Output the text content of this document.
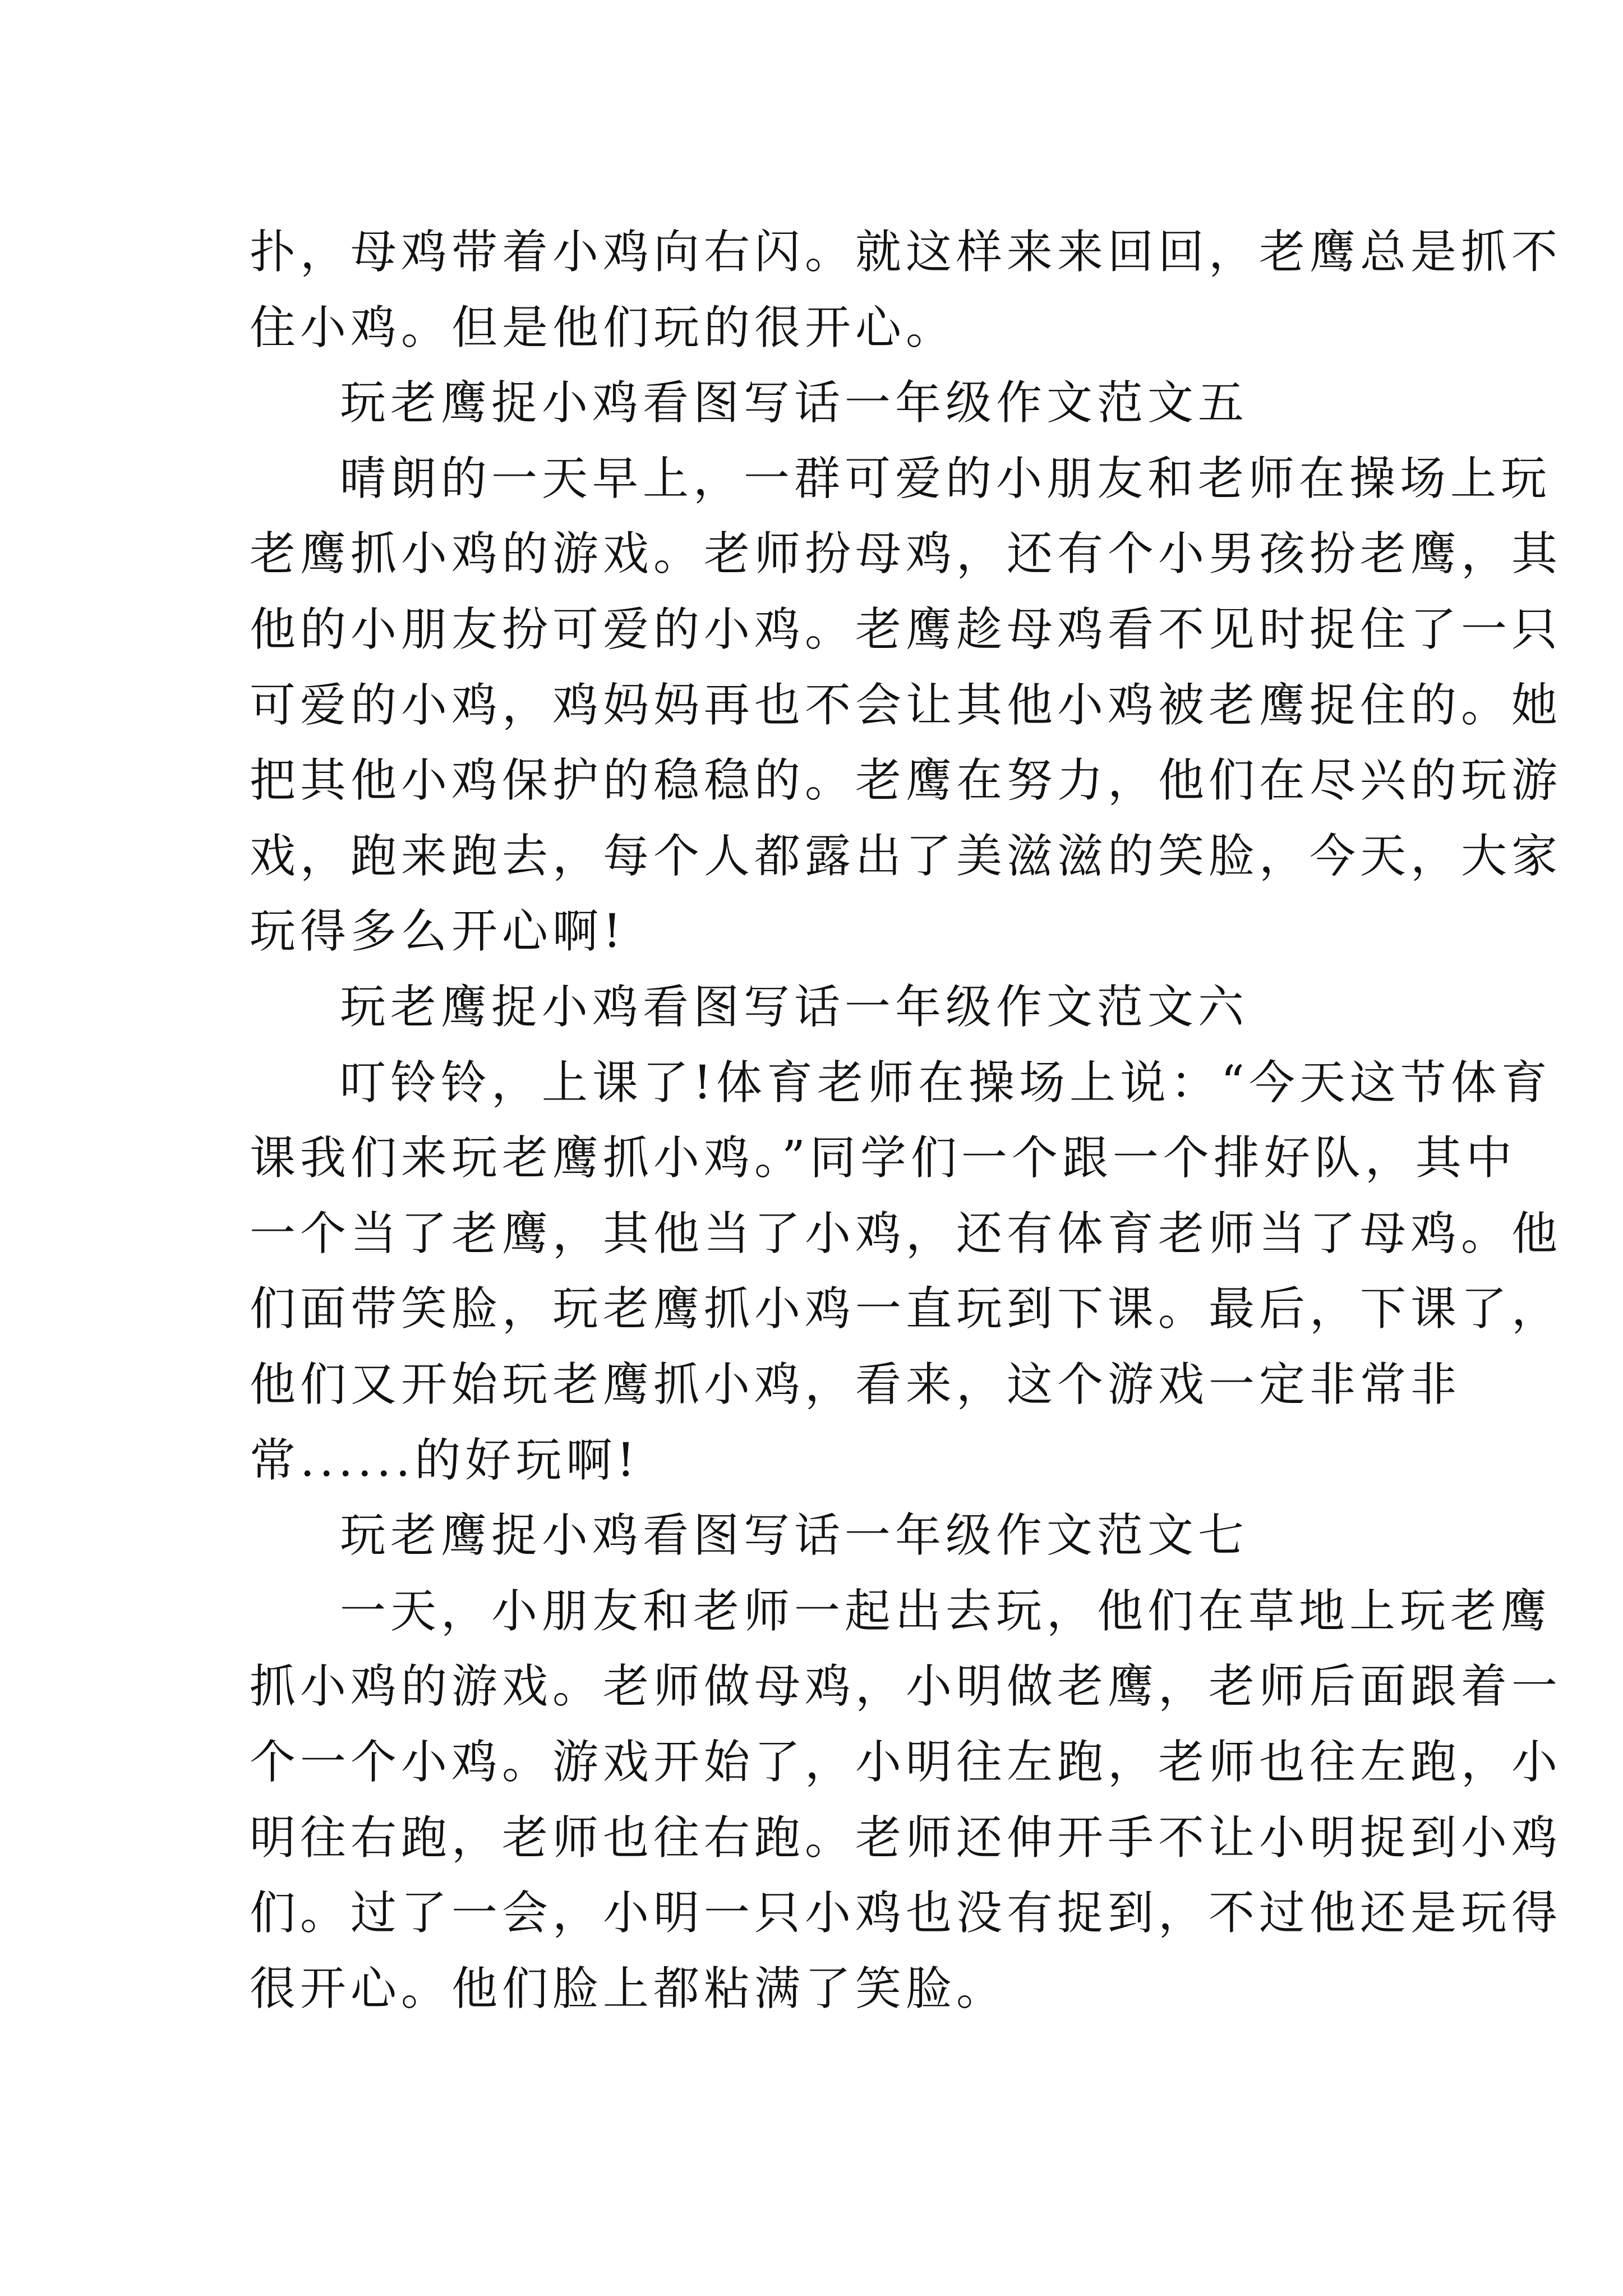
扑，母鸡带着小鸡向右闪。就这样来来回回，老鹰总是抓不
住小鸡。但是他们玩的很开心。
玩老鹰捉小鸡看图写话一年级作文范文五
晴朗的一天早上，一群可爱的小朋友和老师在操场上玩
老鹰抓小鸡的游戏。老师扮母鸡，还有个小男孩扮老鹰，其
他的小朋友扮可爱的小鸡。老鹰趁母鸡看不见时捉住了一只
可爱的小鸡，鸡妈妈再也不会让其他小鸡被老鹰捉住的。她
把其他小鸡保护的稳稳的。老鹰在努力，他们在尽兴的玩游
戏，跑来跑去，每个人都露出了美滋滋的笑脸，今天，大家
玩得多么开心啊!
玩老鹰捉小鸡看图写话一年级作文范文六
叮铃铃，上课了!体育老师在操场上说：“今天这节体育
课我们来玩老鹰抓小鸡。”同学们一个跟一个排好队，其中
一个当了老鹰，其他当了小鸡，还有体育老师当了母鸡。他
们面带笑脸，玩老鹰抓小鸡一直玩到下课。最后，下课了，
他们又开始玩老鹰抓小鸡，看来，这个游戏一定非常非
常......的好玩啊!
玩老鹰捉小鸡看图写话一年级作文范文七
一天，小朋友和老师一起出去玩，他们在草地上玩老鹰
抓小鸡的游戏。老师做母鸡，小明做老鹰，老师后面跟着一
个一个小鸡。游戏开始了，小明往左跑，老师也往左跑，小
明往右跑，老师也往右跑。老师还伸开手不让小明捉到小鸡
们。过了一会，小明一只小鸡也没有捉到，不过他还是玩得
很开心。他们脸上都粘满了笑脸。
